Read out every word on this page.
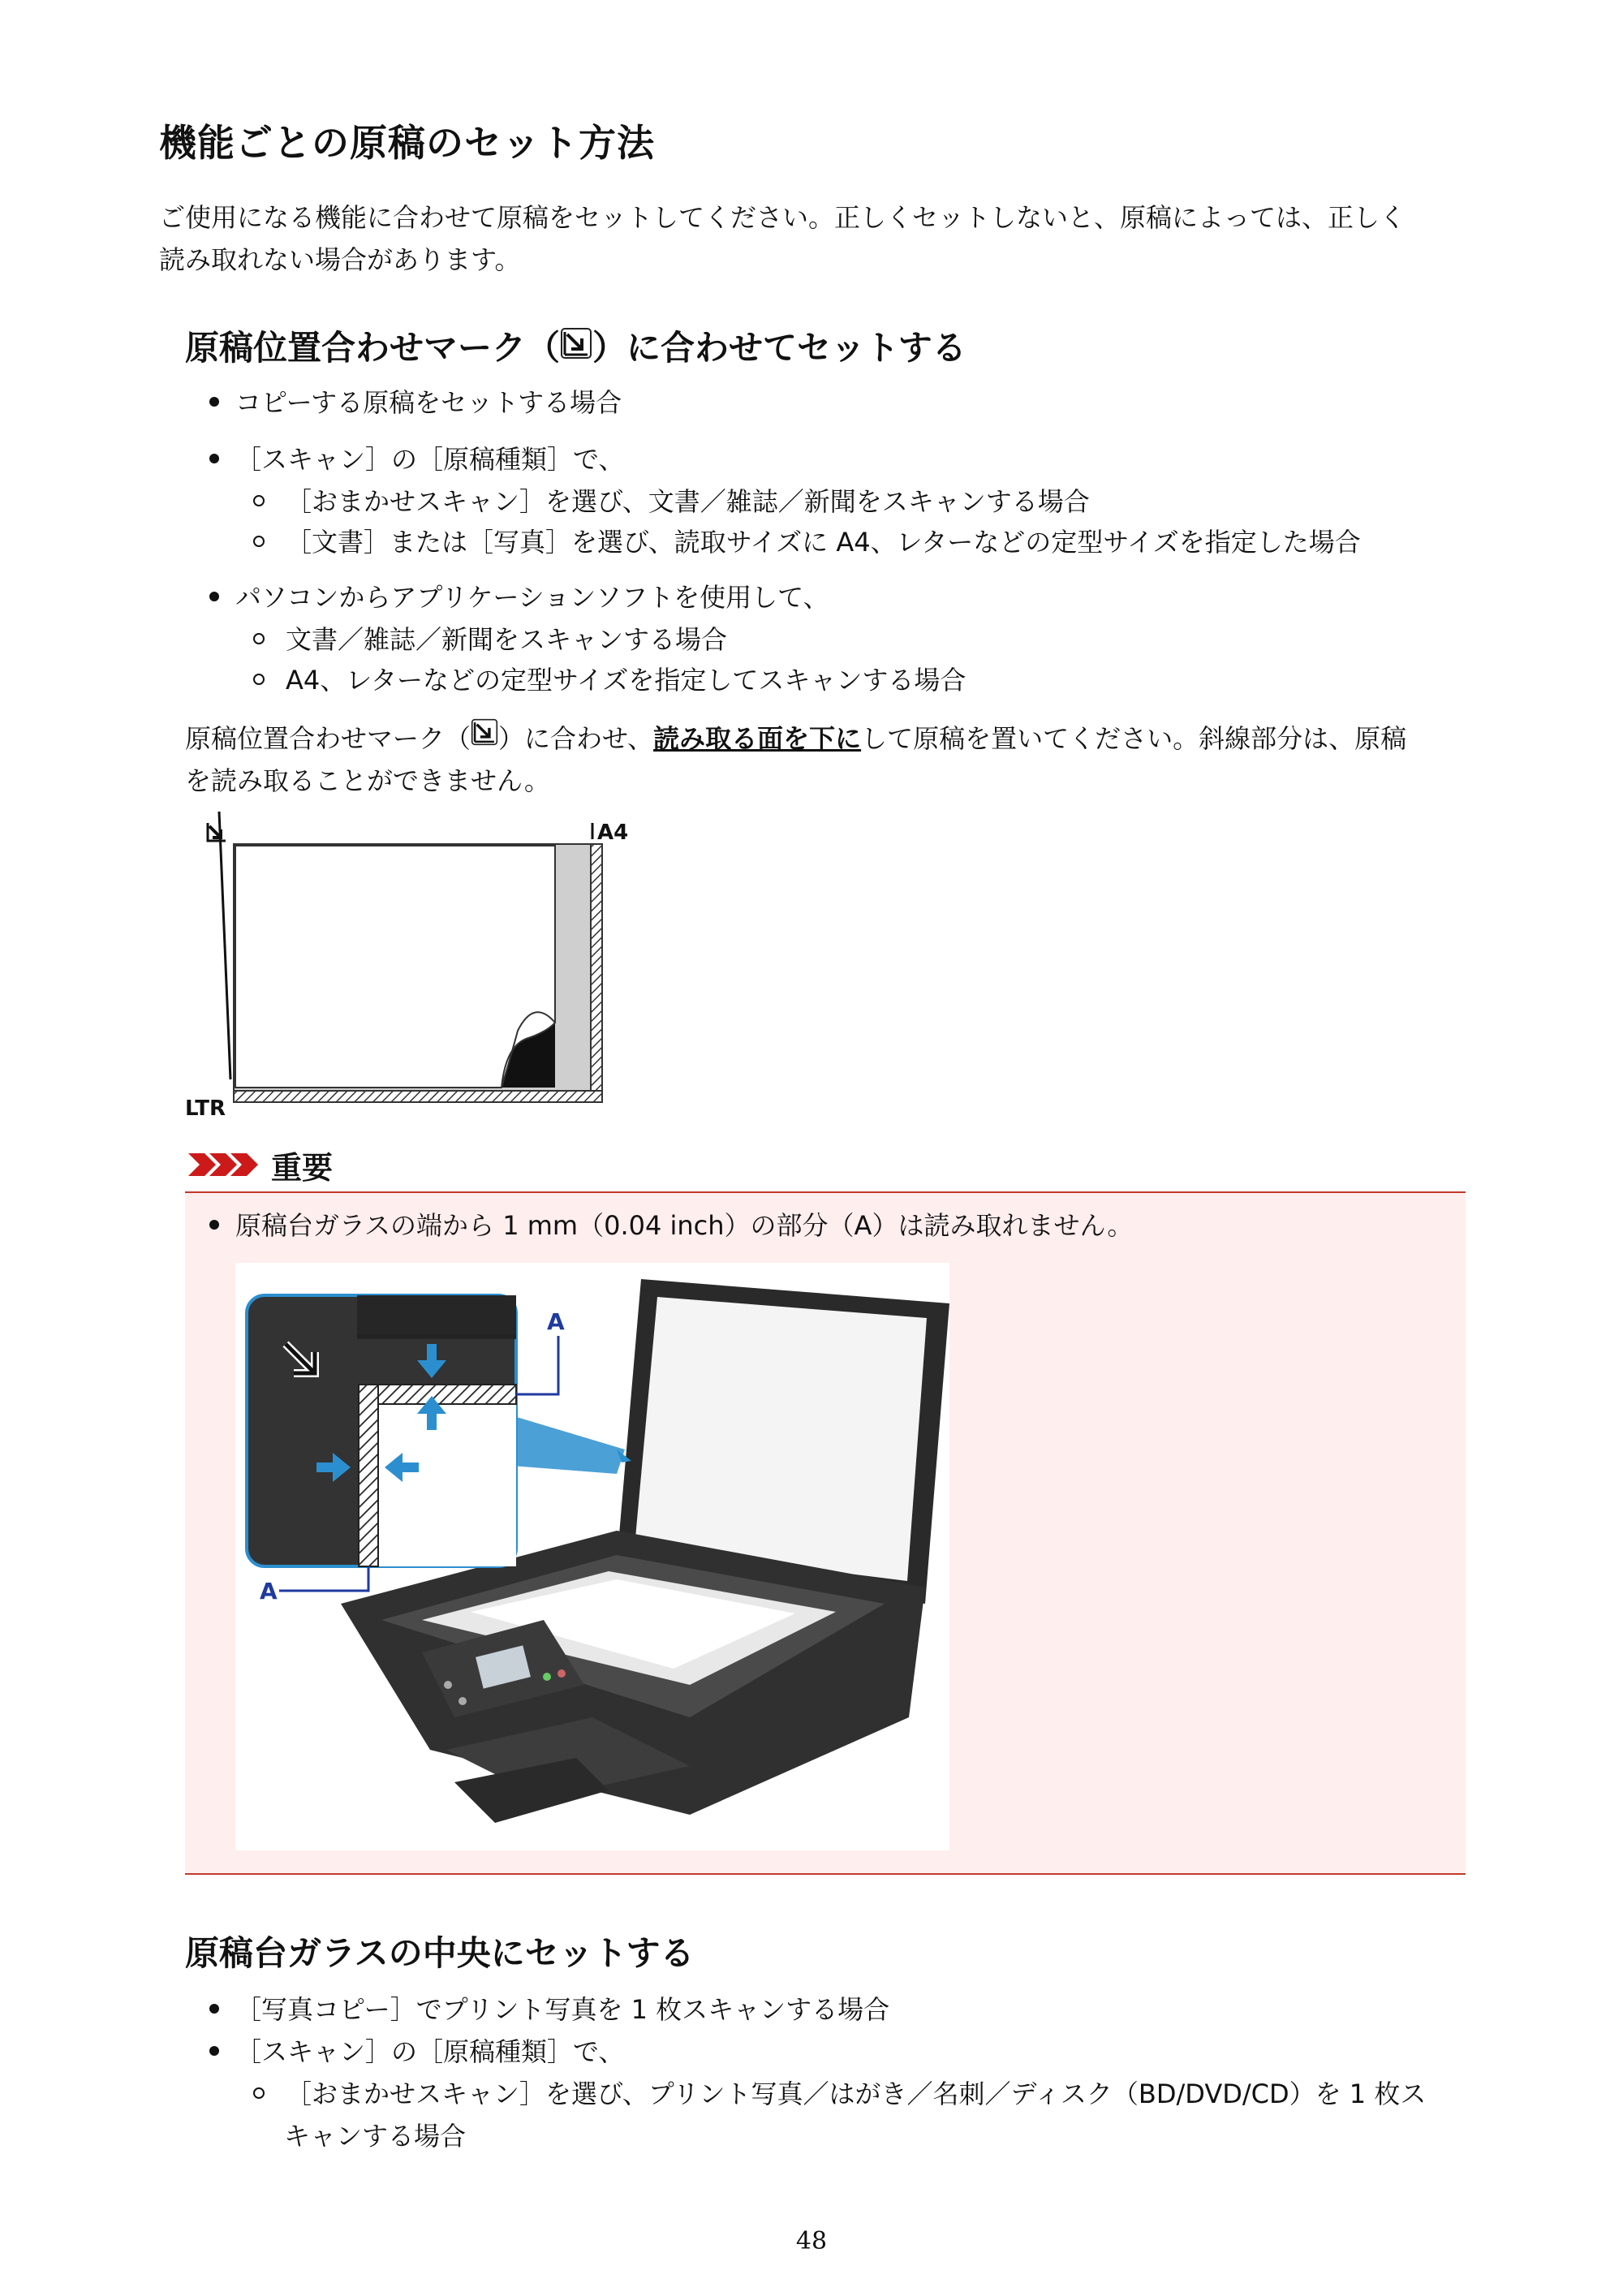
機能ごとの原稿のセット方法

ご使用になる機能に合わせて原稿をセットしてください。正しくセットしないと、原稿によっては、正しく

読み取れない場合があります。

原稿位置合わせマーク（ ）に合わせてセットする
コピーする原稿をセットする場合
［スキャン］の［原稿種類］で、
［おまかせスキャン］を選び、文書／雑誌／新聞をスキャンする場合
［文書］または［写真］を選び、読取サイズに A4、レターなどの定型サイズを指定した場合
パソコンからアプリケーションソフトを使用して、
文書／雑誌／新聞をスキャンする場合
A4、レターなどの定型サイズを指定してスキャンする場合

原稿位置合わせマーク（ ）に合わせ、読み取る面を下にして原稿を置いてください。斜線部分は、原稿

を読み取ることができません。

LTR
A4
重要
原稿台ガラスの端から 1 mm（0.04 inch）の部分（A）は読み取れません。
A
A
原稿台ガラスの中央にセットする
［写真コピー］でプリント写真を 1 枚スキャンする場合
［スキャン］の［原稿種類］で、
［おまかせスキャン］を選び、プリント写真／はがき／名刺／ディスク（BD/DVD/CD）を 1 枚ス
キャンする場合
48
